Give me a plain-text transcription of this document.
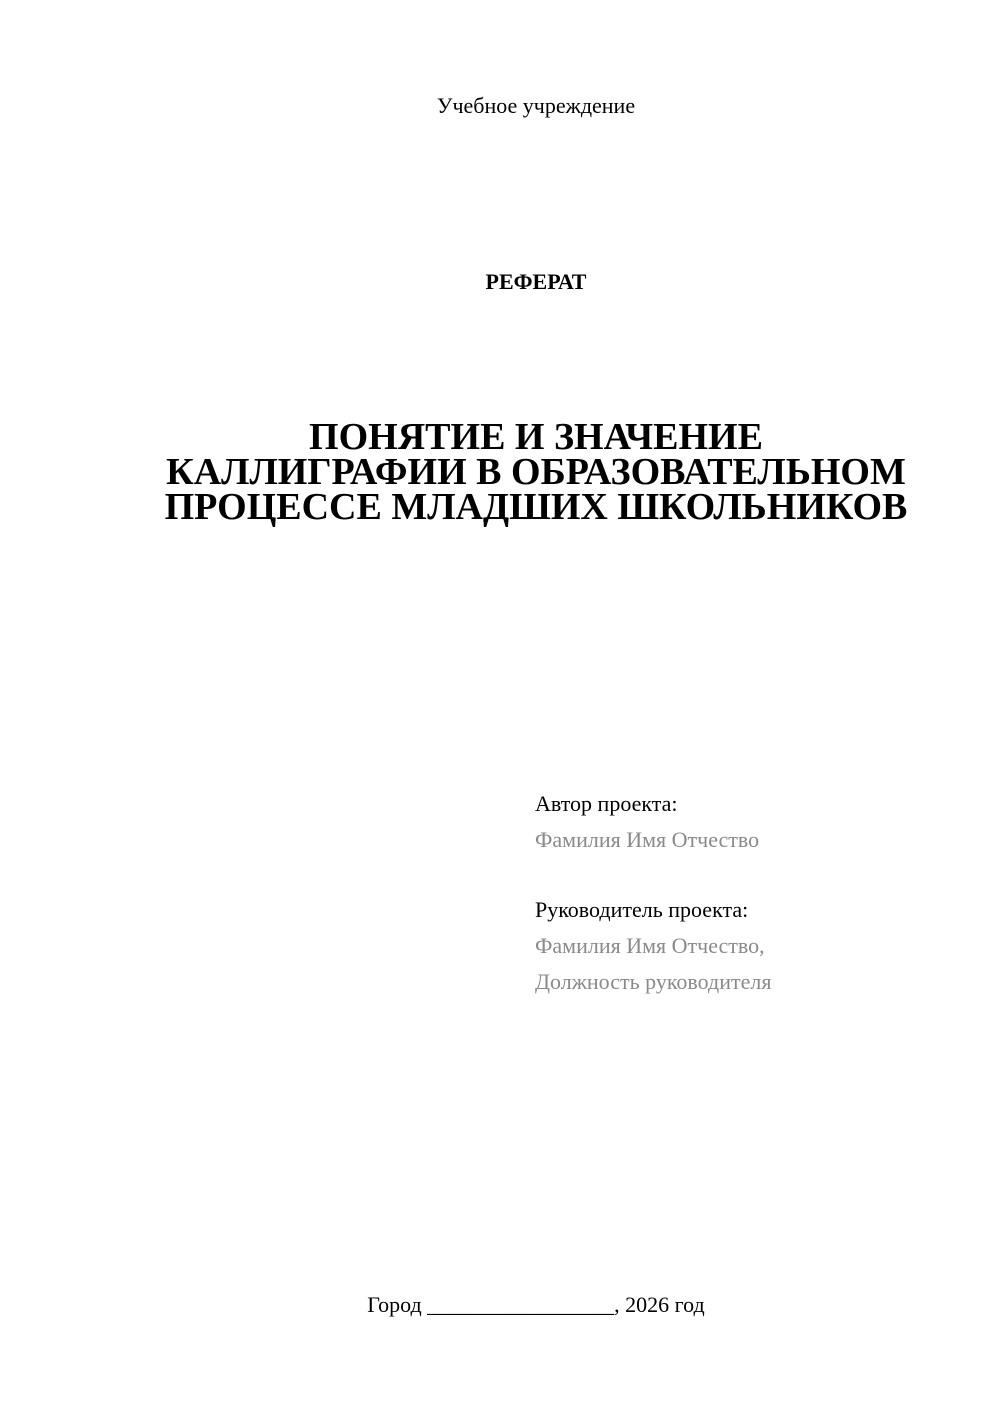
Учебное учреждение
РЕФЕРАТ
ПОНЯТИЕ И ЗНАЧЕНИЕ
КАЛЛИГРАФИИ В ОБРАЗОВАТЕЛЬНОМ
ПРОЦЕССЕ МЛАДШИХ ШКОЛЬНИКОВ
Автор проекта:
Фамилия Имя Отчество
Руководитель проекта:
Фамилия Имя Отчество,
Должность руководителя
Город _________________, 2026 год
